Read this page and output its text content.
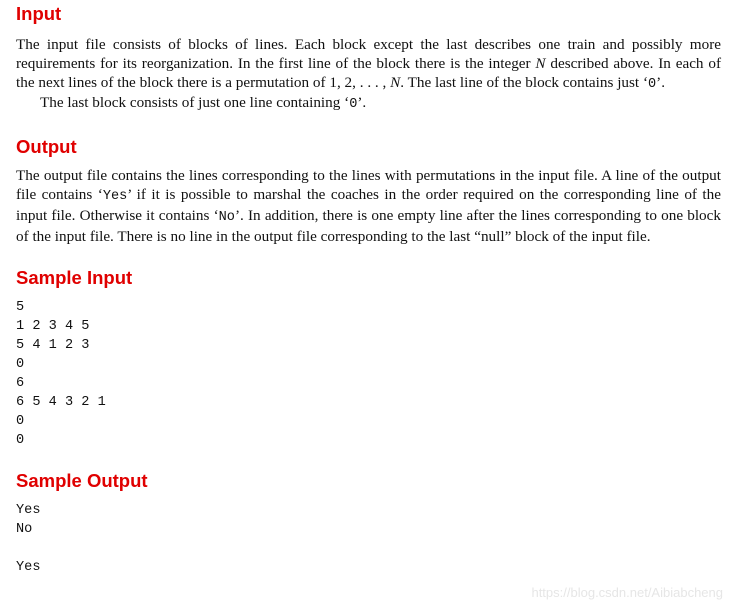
Input

The input file consists of blocks of lines. Each block except the last describes one train and possibly more requirements for its reorganization. In the first line of the block there is the integer N described above. In each of the next lines of the block there is a permutation of 1, 2, . . . , N. The last line of the block contains just ‘0’.

The last block consists of just one line containing ‘0’.

Output

The output file contains the lines corresponding to the lines with permutations in the input file. A line of the output file contains ‘Yes’ if it is possible to marshal the coaches in the order required on the corresponding line of the input file. Otherwise it contains ‘No’. In addition, there is one empty line after the lines corresponding to one block of the input file. There is no line in the output file corresponding to the last “null” block of the input file.

Sample Input
5
1 2 3 4 5
5 4 1 2 3
0
6
6 5 4 3 2 1
0
0
Sample Output
Yes
No
Yes
https://blog.csdn.net/Aibiabcheng
